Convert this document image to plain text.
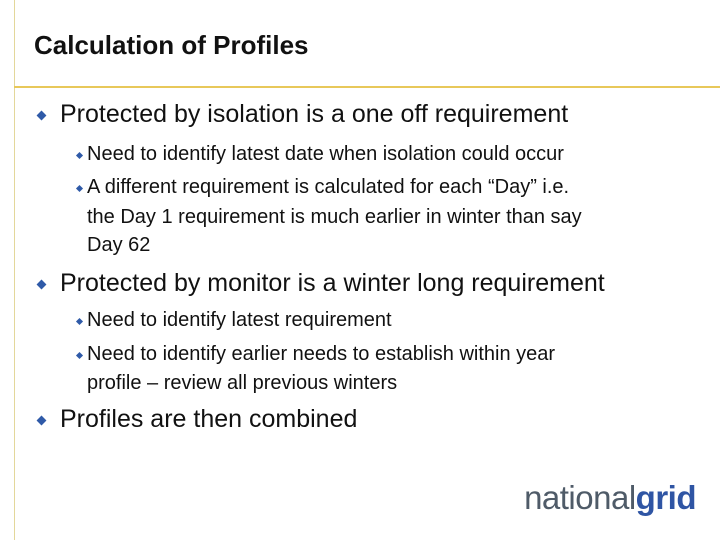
Calculation of Profiles
Protected by isolation is a one off requirement
Need to identify latest date when isolation could occur
A different requirement is calculated for each “Day” i.e.
the Day 1 requirement is much earlier in winter than say
Day 62
Protected by monitor is a winter long requirement
Need to identify latest requirement
Need to identify earlier needs to establish within year
profile – review all previous winters
Profiles are then combined
nationalgrid
